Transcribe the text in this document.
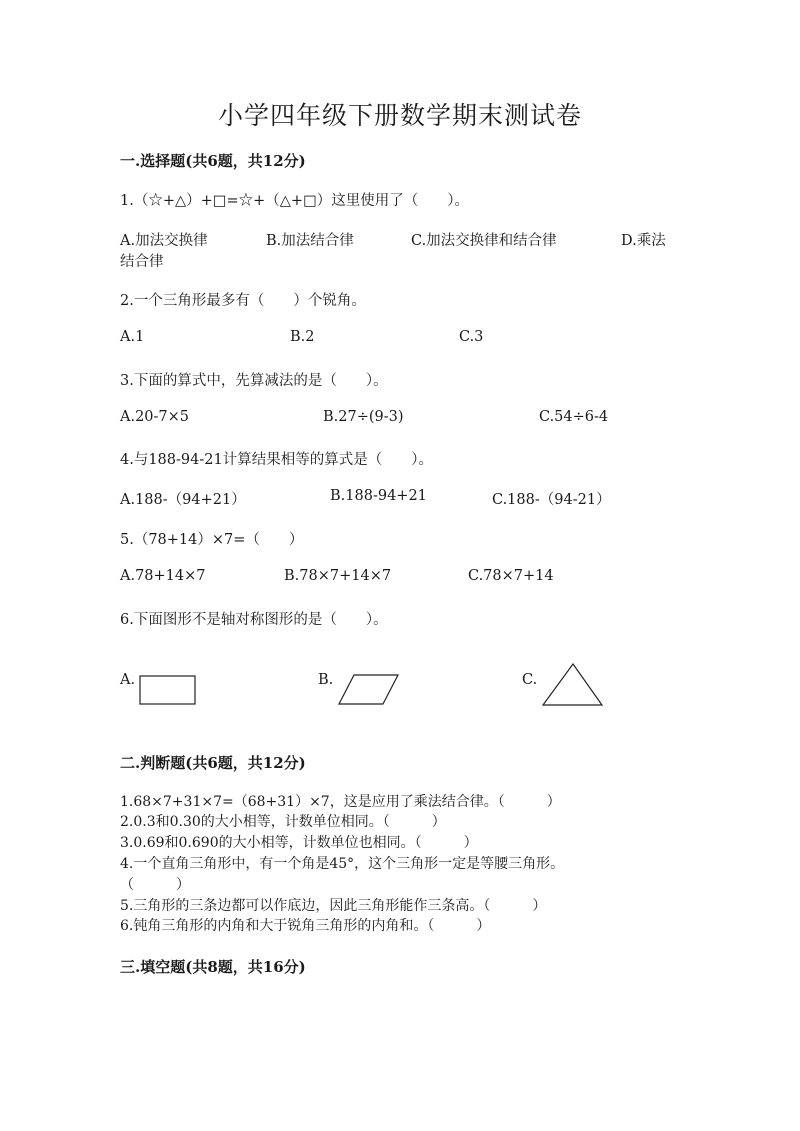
小学四年级下册数学期末测试卷
一.选择题(共6题，共12分)
1.（☆+△）+□=☆+（△+□）这里使用了（　　）。
A.加法交换律	B.加法结合律	C.加法交换律和结合律	D.乘法
结合律
2.一个三角形最多有（　　）个锐角。
A.1	B.2	C.3
3.下面的算式中，先算减法的是（　　）。
A.20-7×5	B.27÷(9-3)	C.54÷6-4
4.与188-94-21计算结果相等的算式是（　　）。
A.188-（94+21）	B.188-94+21	C.188-（94-21）
5.（78+14）×7=（　　）
A.78+14×7	B.78×7+14×7	C.78×7+14
6.下面图形不是轴对称图形的是（　　）。
A.	B.	C.
二.判断题(共6题，共12分)
1.68×7+31×7=（68+31）×7，这是应用了乘法结合律。（　　　）
2.0.3和0.30的大小相等，计数单位相同。（　　　）
3.0.69和0.690的大小相等，计数单位也相同。（　　　）
4.一个直角三角形中，有一个角是45°，这个三角形一定是等腰三角形。
（　　　）
5.三角形的三条边都可以作底边，因此三角形能作三条高。（　　　）
6.钝角三角形的内角和大于锐角三角形的内角和。（　　　）
三.填空题(共8题，共16分)
